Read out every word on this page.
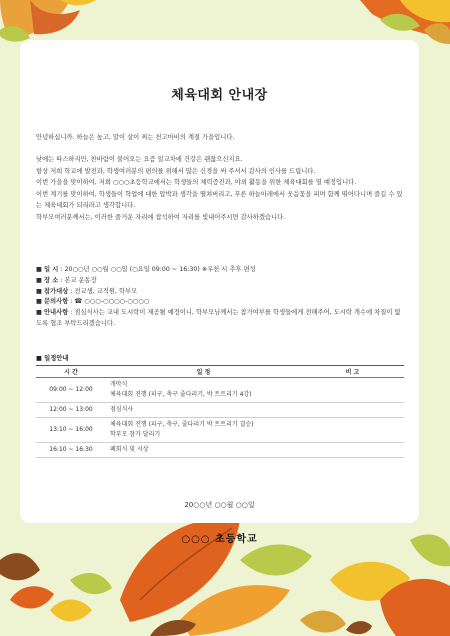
체육대회 안내장
안녕하십니까. 하늘은 높고, 말이 살이 찌는 천고마비의 계절 가을입니다.
낮에는 따스하지만, 찬바람이 불어오는 요즘 일교차에 건강은 괜찮으신지요.
항상 저희 학교에 발전과, 학생여러분의 편의를 위해서 많은 신경을 써 주셔서 감사의 인사를 드립니다.
이번 가을을 맞이하여, 저희 ○○○초등학교에서는 학생들의 체력증진과, 야외 활동을 위한 체육대회를 열 예정입니다.
이번 계기를 맞이하여, 학생들이 학업에 대한 압박과 생각을 떨쳐버리고, 푸른 하늘아래에서 웃음꽃을 피며 함께 뛰어다니며 즐길 수 있는 체육대회가 되리라고 생각합니다.
학부모여러분께서는, 이러한 즐거운 자리에 참석하여 자리를 빛내어주시면 감사하겠습니다.
■ 일 시 : 20○○년 ○○월 ○○일 (○요일 09:00 ~ 16:30) ※우천 시 추후 편성
■ 장 소 : 본교 운동장
■ 참가대상 : 전교생, 교직원, 학부모
■ 문의사항 : ☎ ○○○-○○○○-○○○○
■ 안내사항 : 점심식사는 교내 도시락이 제공될 예정이니, 학부모님께서는 참가여부를 학생들에게 전해주어, 도시락 개수에 차질이 없도록 협조 부탁드리겠습니다.
■ 일정안내
시 간	일 정	비 고
09:00 ~ 12:00	개막식
체육대회 진행 (피구, 축구 줄다리기, 박 트트리기 4강)	

12:00 ~ 13:00	점심식사	

13:10 ~ 16:00	체육대회 진행 (피구, 축구, 줄다리기 박 트트리기 결승)
학부모 참가 달리기	

16:10 ~ 16:30	폐회식 및 시상	

20○○년 ○○월 ○○일
○○○ 초등학교
